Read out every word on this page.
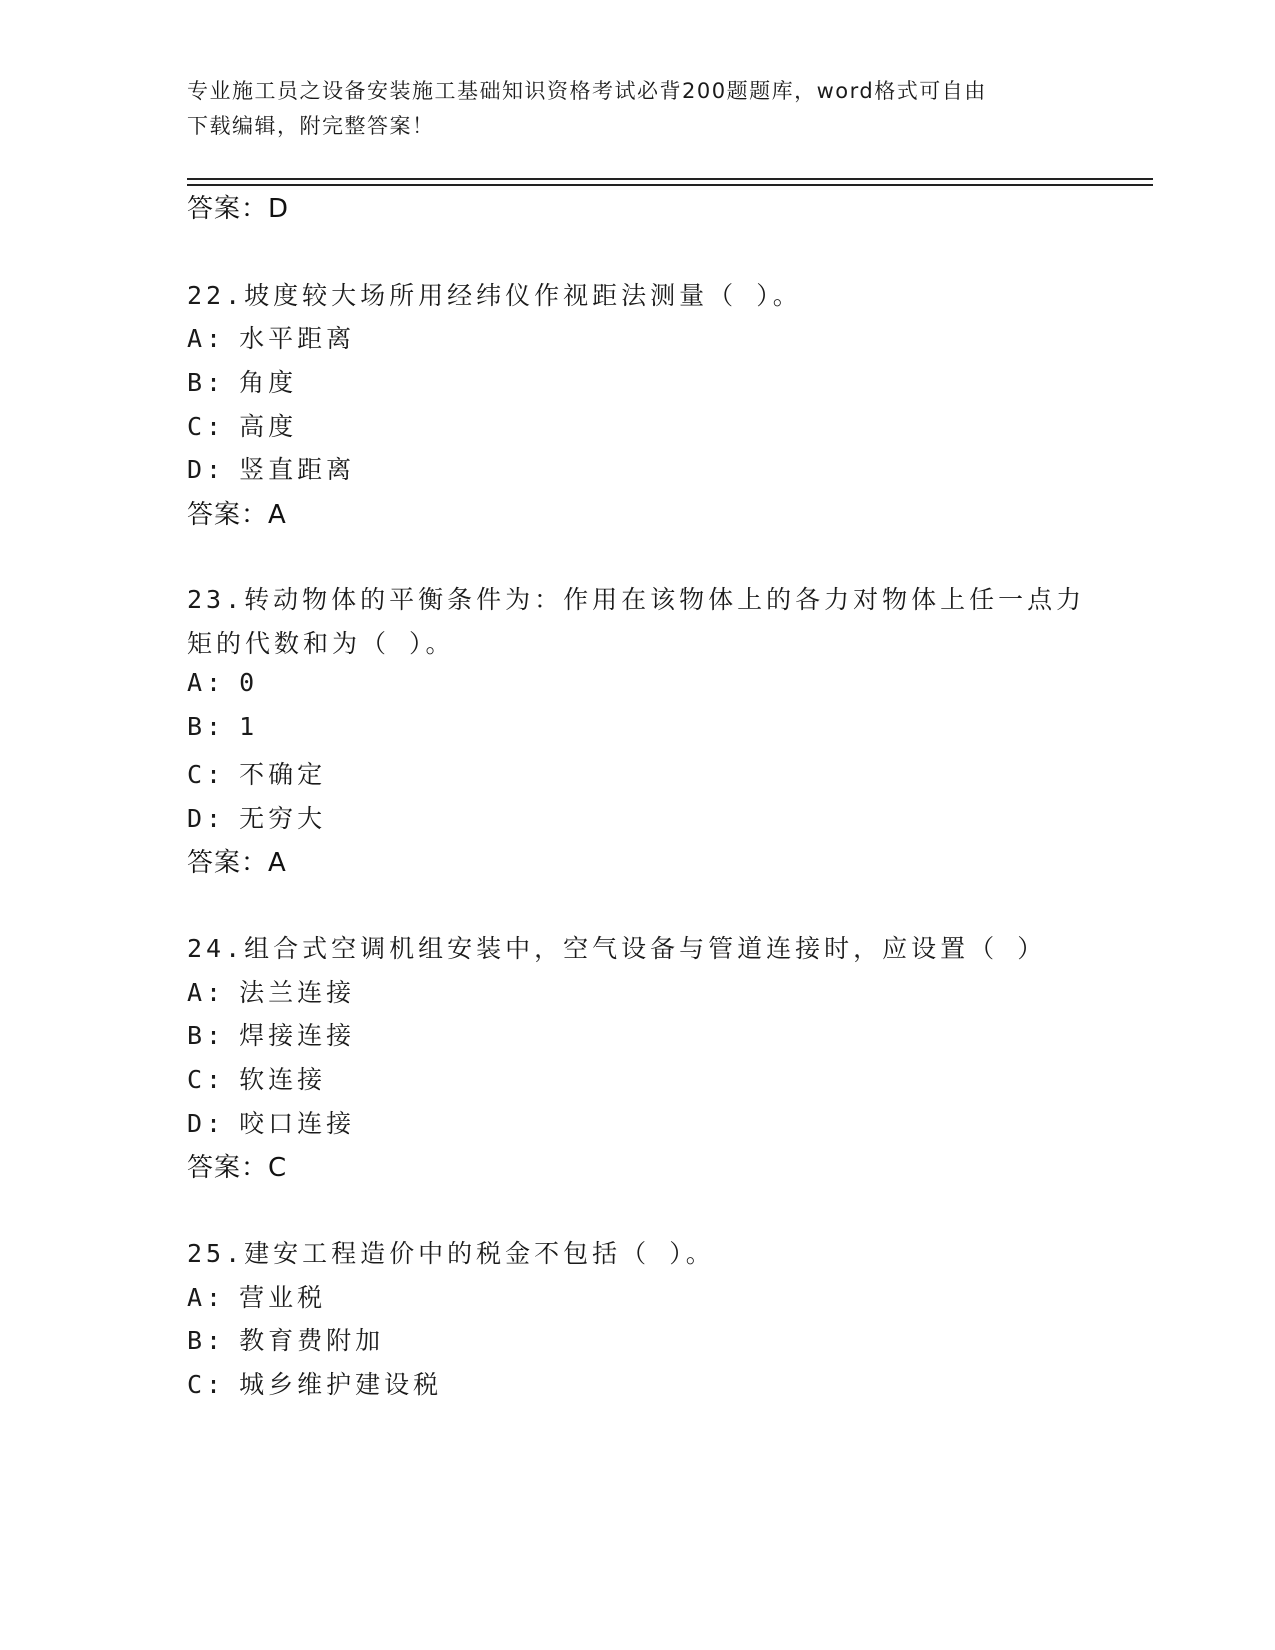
专业施工员之设备安装施工基础知识资格考试必背200题题库，word格式可自由
下载编辑，附完整答案！
答案：D
22.坡度较大场所用经纬仪作视距法测量（ ）。
A: 水平距离
B: 角度
C: 高度
D: 竖直距离
答案：A
23.转动物体的平衡条件为：作用在该物体上的各力对物体上任一点力
矩的代数和为（ ）。
A: 0
B: 1
C: 不确定
D: 无穷大
答案：A
24.组合式空调机组安装中，空气设备与管道连接时，应设置（ ）
A: 法兰连接
B: 焊接连接
C: 软连接
D: 咬口连接
答案：C
25.建安工程造价中的税金不包括（ ）。
A: 营业税
B: 教育费附加
C: 城乡维护建设税
